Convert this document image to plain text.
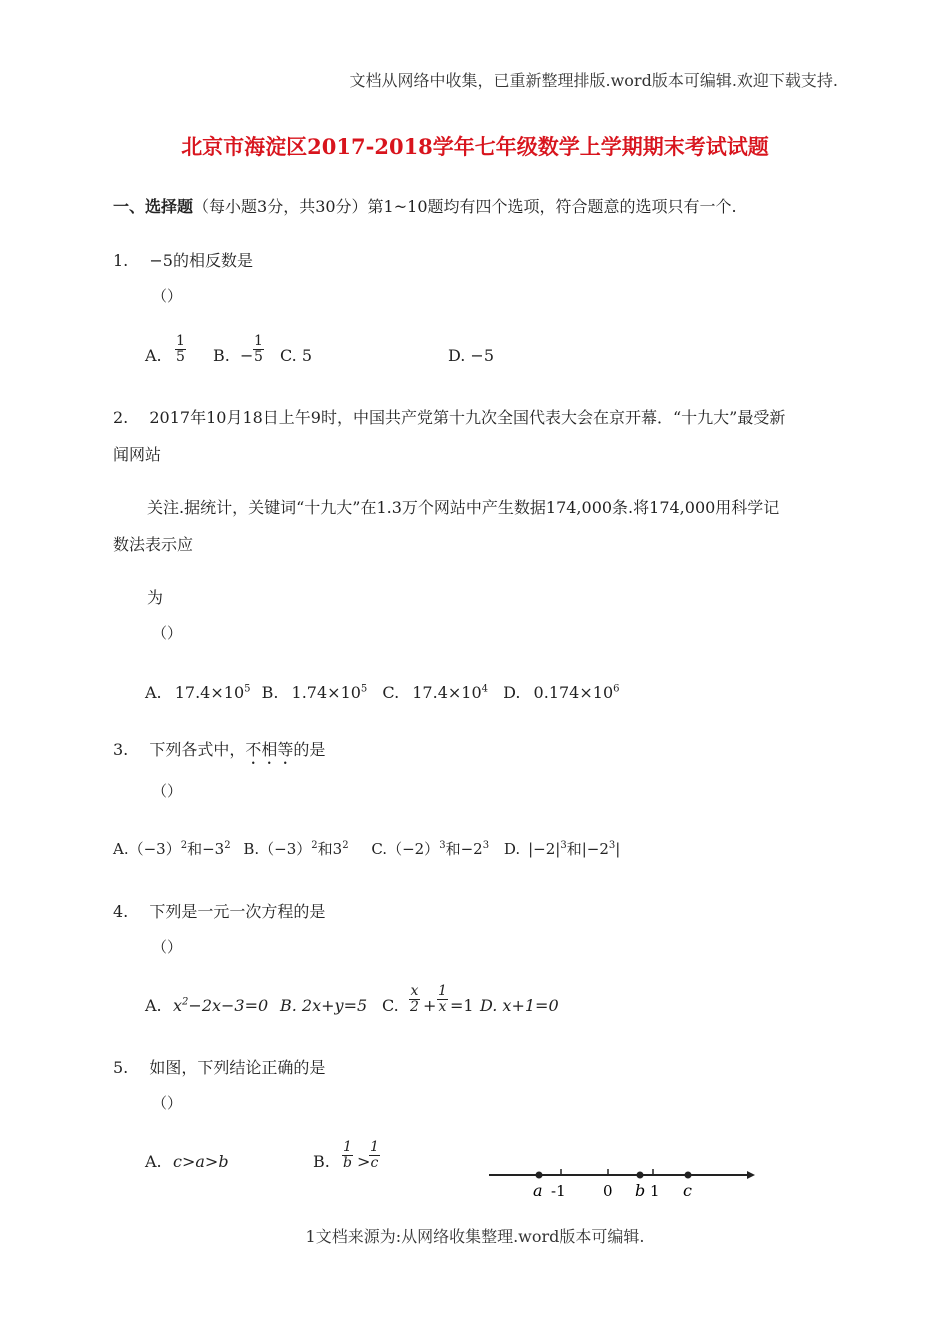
文档从网络中收集，已重新整理排版.word版本可编辑.欢迎下载支持.
北京市海淀区2017-2018学年七年级数学上学期期末考试试题
一、选择题（每小题3分，共30分）第1~10题均有四个选项，符合题意的选项只有一个.
1. −5的相反数是
（）
A. $\frac{1}{5} B$. − $\frac{1}{5} C$. 5	D. −5
2. 2017年10月18日上午9时，中国共产党第十九次全国代表大会在京开幕．“十九大”最受新
闻网站
关注.据统计，关键词“十九大”在1.3万个网站中产生数据174,000条.将174,000用科学记
数法表示应
为
（）
A. $17.4\times 10^5$ B. $1.74\times 10^5$ C. $17.4\times 10^4$ D. $0.174\times 10^6$
3. 下列各式中，不相等的是
（）
$A.(-3)^2$和$-3^2$ $B.(-3)^2$和$3^2$ $C.(-2)^3$和$-2^3$ D. $|-2|^3$和$|-2^3|$
4. 下列是一元一次方程的是
（）
A. $x^2-2x-3=0$ B. 2x+y=5 C. $\frac{x}{2} + \frac{1}{x} =1$ D. x+1=0
5. 如图，下列结论正确的是
（）
A. c>a>b	B. $\frac{1}{b}$ >
$\frac{1}{c}$
a -1 0 b 1 c
1文档来源为:从网络收集整理.word版本可编辑.
